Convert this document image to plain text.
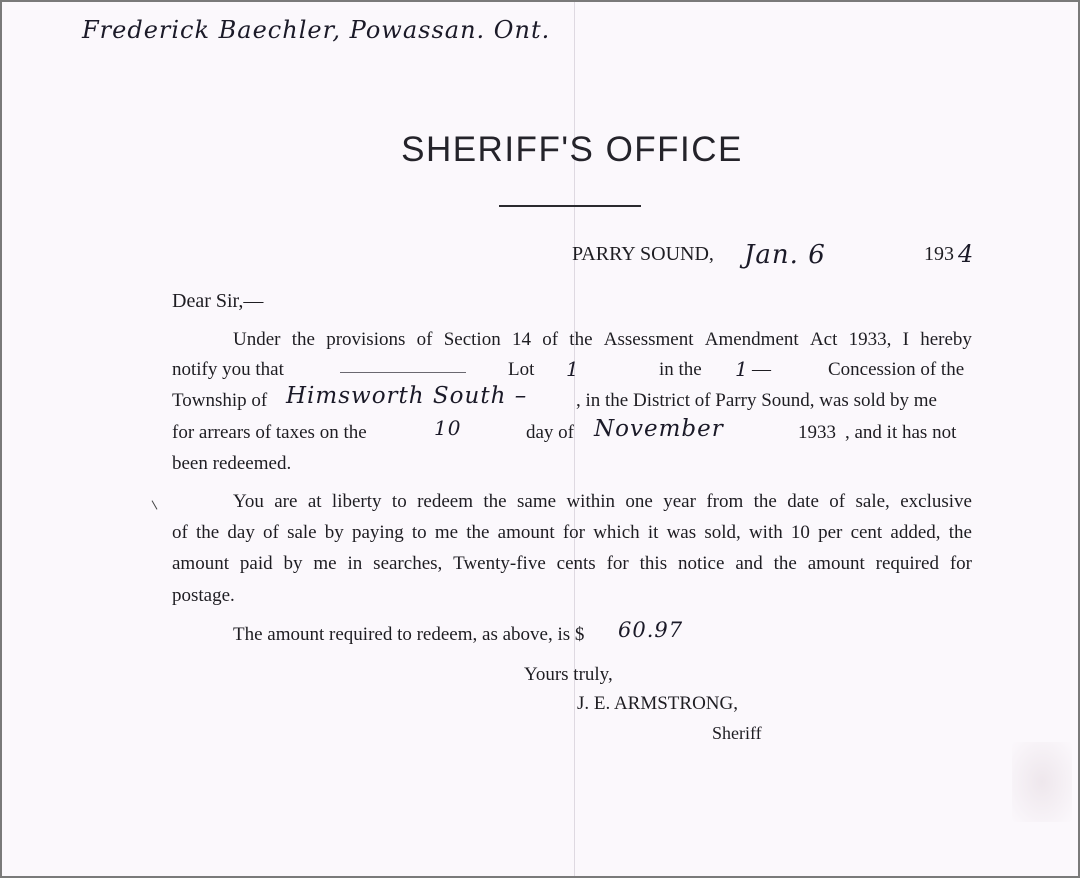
Frederick Baechler, Powassan. Ont.
SHERIFF'S OFFICE
PARRY SOUND, Jan. 6	193 4
Dear Sir,—
Under the provisions of Section 14 of the Assessment Amendment Act 1933, I hereby
notify you that	Lot 1	in the 1 —	Concession of the
Township of Himsworth South –	, in the District of Parry Sound, was sold by me
for arrears of taxes on the	10	day of November	1933 , and it has not
been redeemed.
You are at liberty to redeem the same within one year from the date of sale, exclusive
of the day of sale by paying to me the amount for which it was sold, with 10 per cent added, the
amount paid by me in searches, Twenty-five cents for this notice and the amount required for
postage.
The amount required to redeem, as above, is $ 60.97
Yours truly,
J. E. ARMSTRONG,
Sheriff
